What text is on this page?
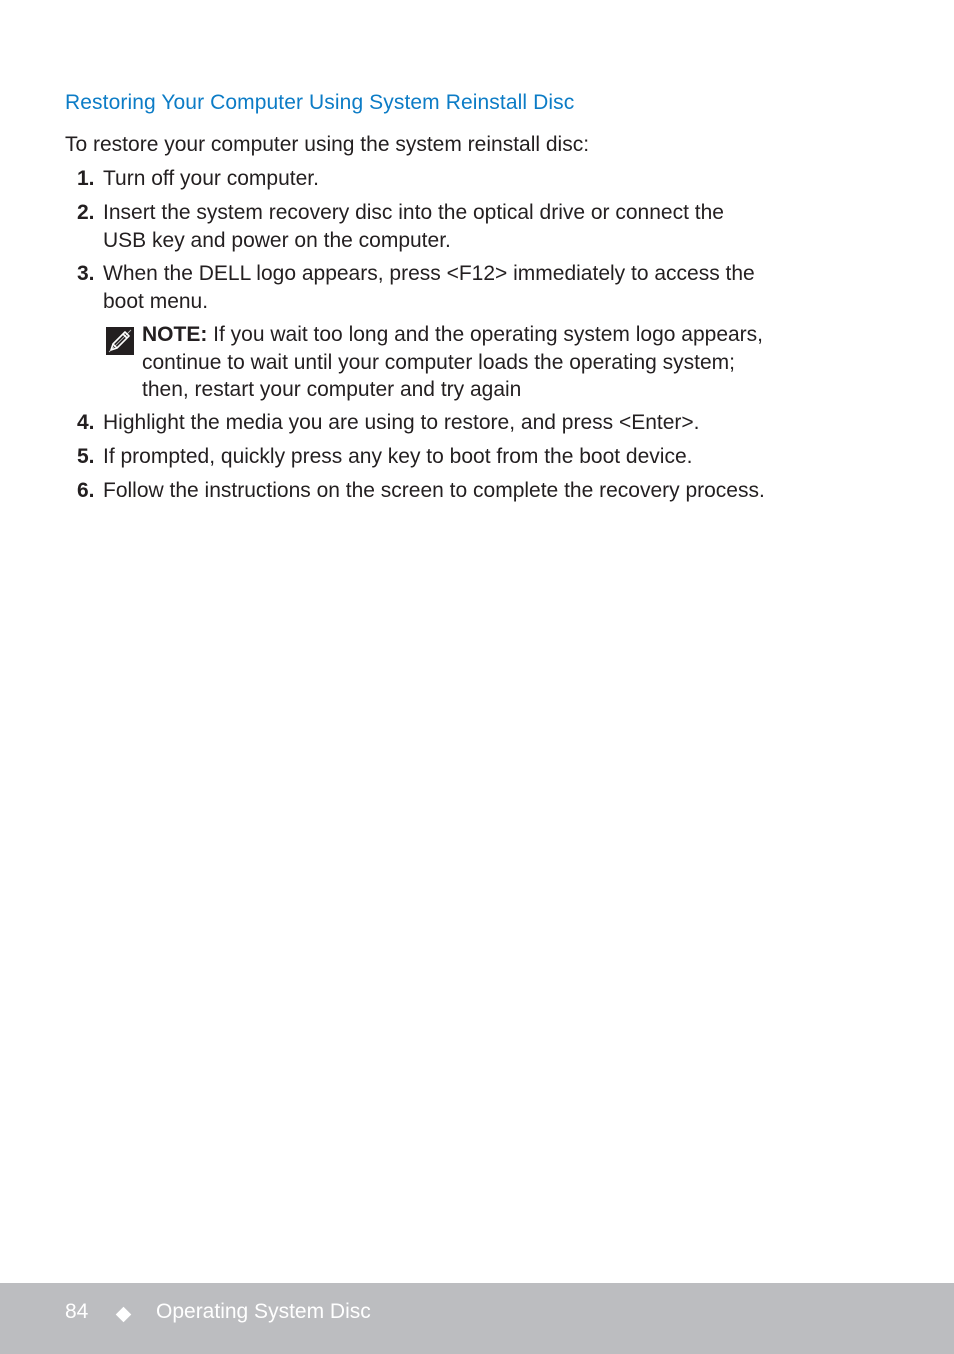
Restoring Your Computer Using System Reinstall Disc

To restore your computer using the system reinstall disc:

1. Turn off your computer.
2. Insert the system recovery disc into the optical drive or connect the
USB key and power on the computer.
3. When the DELL logo appears, press <F12> immediately to access the
boot menu.
NOTE: If you wait too long and the operating system logo appears,
continue to wait until your computer loads the operating system;
then, restart your computer and try again
4. Highlight the media you are using to restore, and press <Enter>.
5. If prompted, quickly press any key to boot from the boot device.
6. Follow the instructions on the screen to complete the recovery process.
84	Operating System Disc
